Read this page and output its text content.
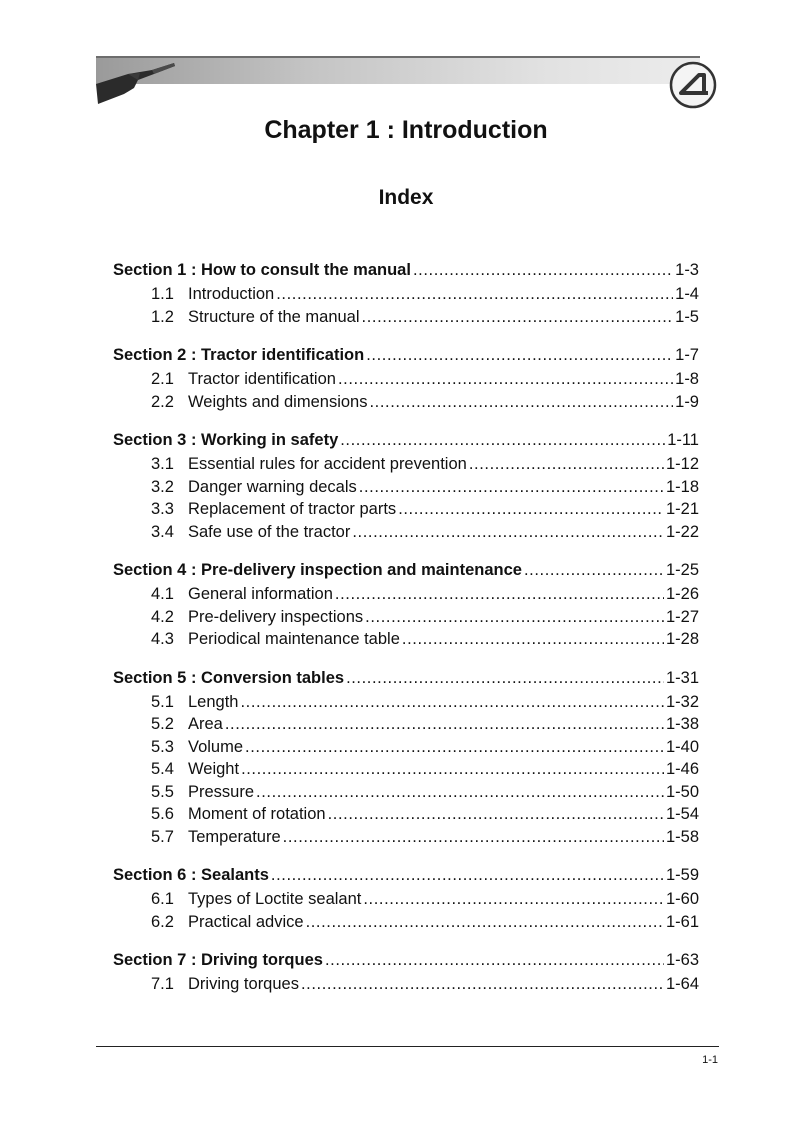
Chapter 1 : Introduction
Index
Section 1 : How to consult the manual .....	1-3
1.1 Introduction .....	1-4
1.2 Structure of the manual .....	1-5
Section 2 : Tractor identification .....	1-7
2.1 Tractor identification .....	1-8
2.2 Weights and dimensions .....	1-9
Section 3 : Working in safety .....	1-11
3.1 Essential rules for accident prevention .....	1-12
3.2 Danger warning decals .....	1-18
3.3 Replacement of tractor parts .....	1-21
3.4 Safe use of the tractor .....	1-22
Section 4 : Pre-delivery inspection and maintenance .....	1-25
4.1 General information .....	1-26
4.2 Pre-delivery inspections .....	1-27
4.3 Periodical maintenance table .....	1-28
Section 5 : Conversion tables .....	1-31
5.1 Length .....	1-32
5.2 Area .....	1-38
5.3 Volume .....	1-40
5.4 Weight .....	1-46
5.5 Pressure .....	1-50
5.6 Moment of rotation .....	1-54
5.7 Temperature .....	1-58
Section 6 : Sealants .....	1-59
6.1 Types of Loctite sealant .....	1-60
6.2 Practical advice .....	1-61
Section 7 : Driving torques .....	1-63
7.1 Driving torques .....	1-64
1-1
